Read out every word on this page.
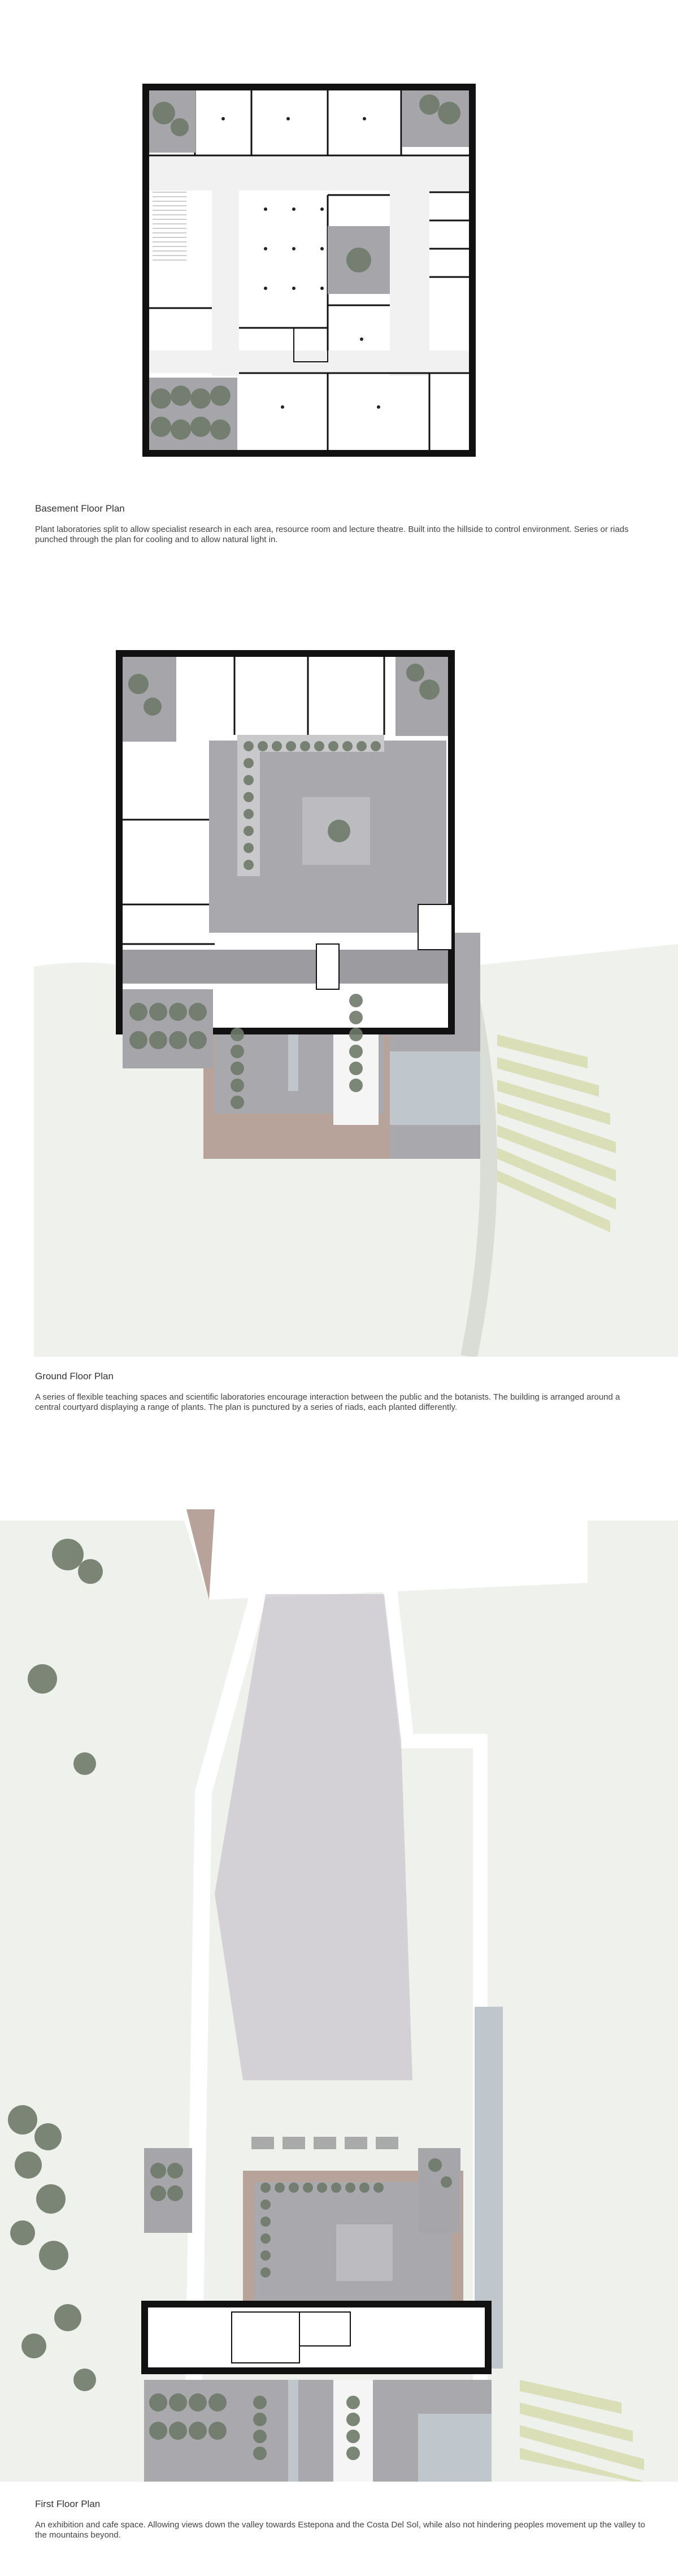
Basement Floor Plan

Plant laboratories split to allow specialist research in each area, resource room and lecture theatre. Built into the hillside to control environment. Series or riads punched through the plan for cooling and to allow natural light in.

Ground Floor Plan

A series of flexible teaching spaces and scientific laboratories encourage interaction between the public and the botanists. The building is arranged around a central courtyard displaying a range of plants. The plan is punctured by a series of riads, each planted differently.

First Floor Plan

An exhibition and cafe space. Allowing views down the valley towards Estepona and the Costa Del Sol, while also not hindering peoples movement up the valley to the mountains beyond.
